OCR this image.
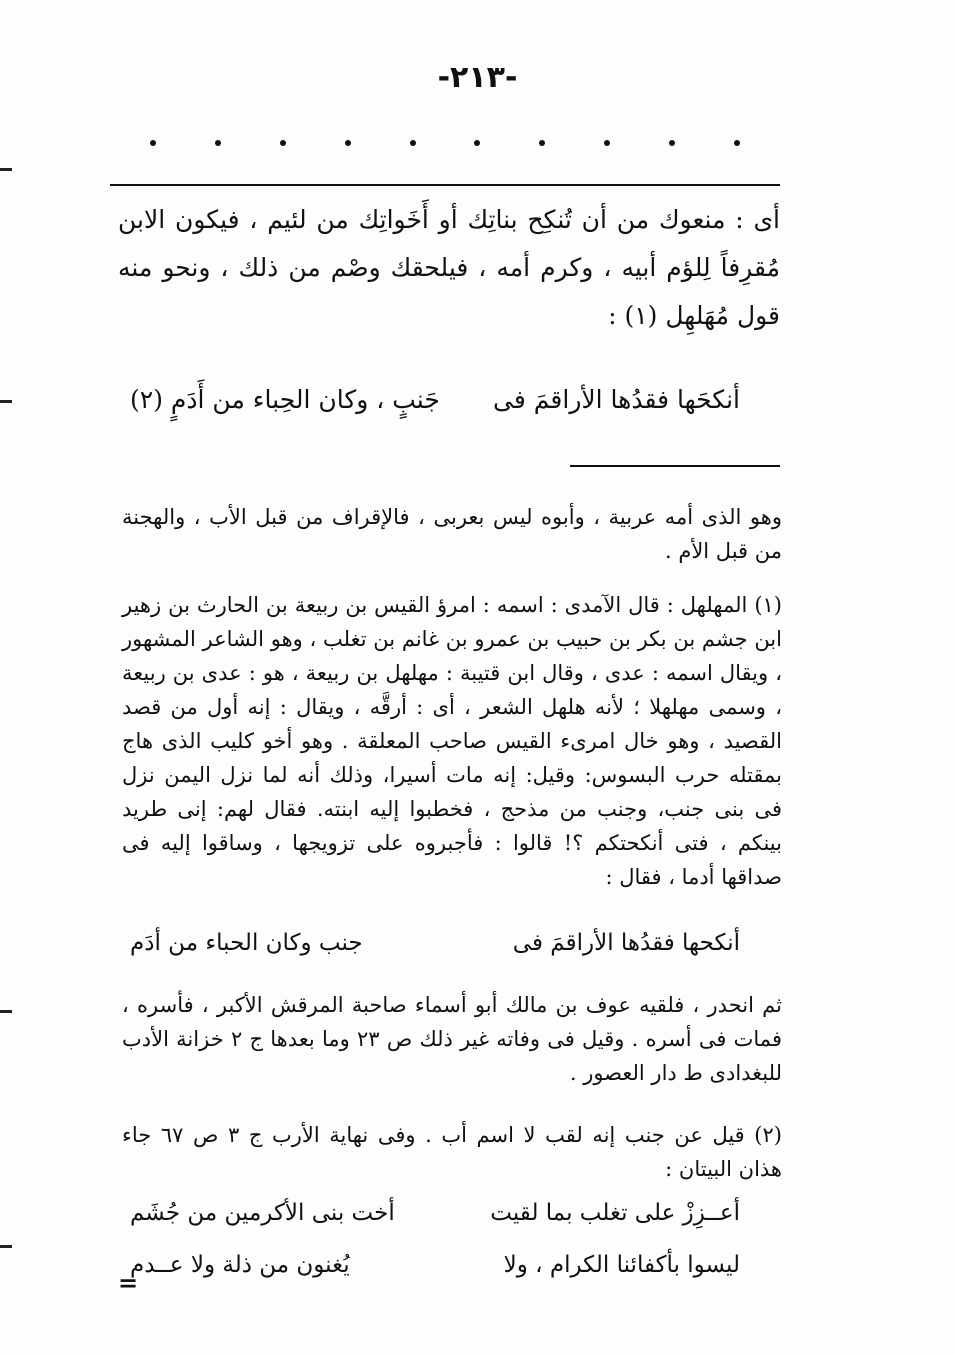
-٢١٣-

أى : منعوك من أن تُنكِح بناتِك أو أَخَواتِك من لئيم ، فيكون الابن مُقرِفاً لِلؤم أبيه ، وكرم أمه ، فيلحقك وصْم من ذلك ، ونحو منه قول مُهَلهِل (١) :

أنكحَها فقدُها الأراقمَ فى
جَنبٍ ، وكان الحِباء من أَدَمٍ (٢)

وهو الذى أمه عربية ، وأبوه ليس بعربى ، فالإقراف من قبل الأب ، والهجنة من قبل الأم .

(١) المهلهل : قال الآمدى : اسمه : امرؤ القيس بن ربيعة بن الحارث بن زهير ابن جشم بن بكر بن حبيب بن عمرو بن غانم بن تغلب ، وهو الشاعر المشهور ، ويقال اسمه : عدى ، وقال ابن قتيبة : مهلهل بن ربيعة ، هو : عدى بن ربيعة ، وسمى مهلهلا ؛ لأنه هلهل الشعر ، أى : أرقَّه ، ويقال : إنه أول من قصد القصيد ، وهو خال امرىء القيس صاحب المعلقة . وهو أخو كليب الذى هاج بمقتله حرب البسوس: وقيل: إنه مات أسيرا، وذلك أنه لما نزل اليمن نزل فى بنى جنب، وجنب من مذحج ، فخطبوا إليه ابنته. فقال لهم: إنى طريد بينكم ، فتى أنكحتكم ؟! قالوا : فأجبروه على تزويجها ، وساقوا إليه فى صداقها أدما ، فقال :

أنكحها فقدُها الأراقمَ فى
جنب وكان الحباء من أدَم

ثم انحدر ، فلقيه عوف بن مالك أبو أسماء صاحبة المرقش الأكبر ، فأسره ، فمات فى أسره . وقيل فى وفاته غير ذلك ص ٢٣ وما بعدها ج ٢ خزانة الأدب للبغدادى ط دار العصور .

(٢) قيل عن جنب إنه لقب لا اسم أب . وفى نهاية الأرب ج ٣ ص ٦٧ جاء هذان البيتان :

أعــزِزْ على تغلب بما لقيت
أخت بنى الأكرمين من جُشَم
ليسوا بأكفائنا الكرام ، ولا
يُغنون من ذلة ولا عــدم
=
